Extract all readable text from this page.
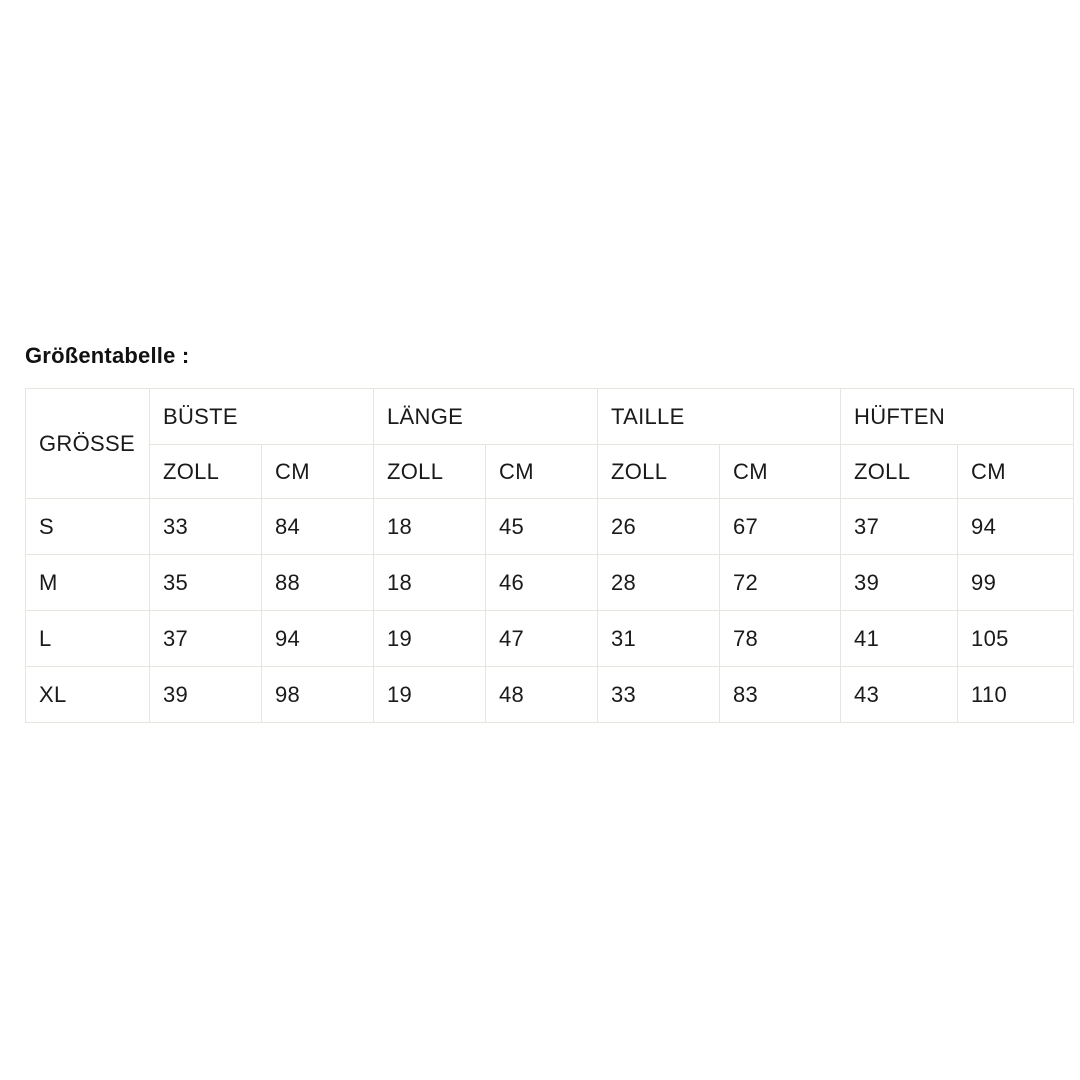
Größentabelle :
GRÖSSE	BÜSTE		LÄNGE		TAILLE		HÜFTEN	
	ZOLL	CM	ZOLL	CM	ZOLL	CM	ZOLL	CM
S	33	84	18	45	26	67	37	94
M	35	88	18	46	28	72	39	99
L	37	94	19	47	31	78	41	105
XL	39	98	19	48	33	83	43	110
